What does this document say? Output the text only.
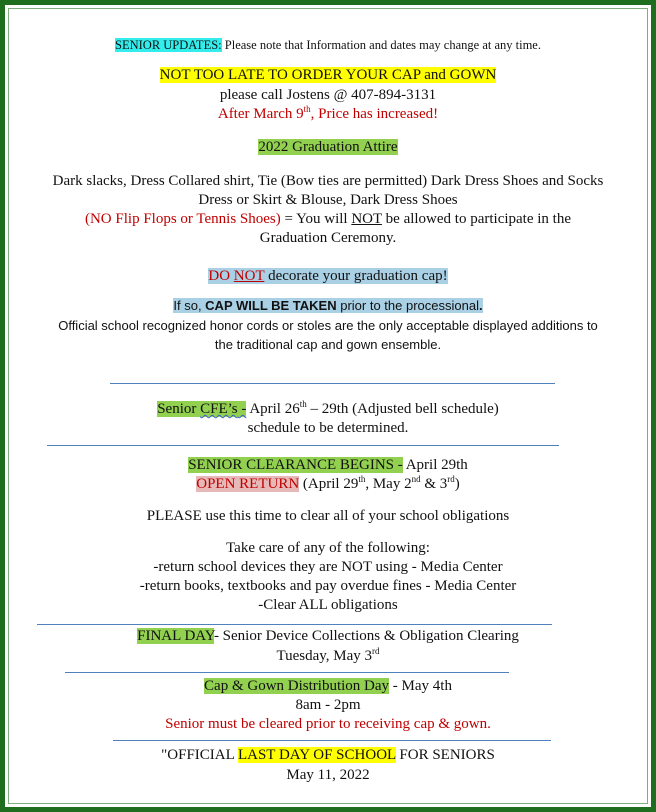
SENIOR UPDATES: Please note that Information and dates may change at any time.
NOT TOO LATE TO ORDER YOUR CAP and GOWN
please call Jostens @ 407-894-3131
After March 9th, Price has increased!
2022 Graduation Attire
Dark slacks, Dress Collared shirt, Tie (Bow ties are permitted) Dark Dress Shoes and Socks
Dress or Skirt & Blouse, Dark Dress Shoes
(NO Flip Flops or Tennis Shoes) = You will NOT be allowed to participate in the
Graduation Ceremony.
DO NOT decorate your graduation cap!
If so, CAP WILL BE TAKEN prior to the processional.
Official school recognized honor cords or stoles are the only acceptable displayed additions to
the traditional cap and gown ensemble.
Senior CFE’s - April 26th – 29th (Adjusted bell schedule)
schedule to be determined.
SENIOR CLEARANCE BEGINS - April 29th
OPEN RETURN (April 29th, May 2nd & 3rd)
PLEASE use this time to clear all of your school obligations
Take care of any of the following:
-return school devices they are NOT using - Media Center
-return books, textbooks and pay overdue fines - Media Center
-Clear ALL obligations
FINAL DAY- Senior Device Collections & Obligation Clearing
Tuesday, May 3rd
Cap & Gown Distribution Day - May 4th
8am - 2pm
Senior must be cleared prior to receiving cap & gown.
"OFFICIAL LAST DAY OF SCHOOL FOR SENIORS
May 11, 2022
